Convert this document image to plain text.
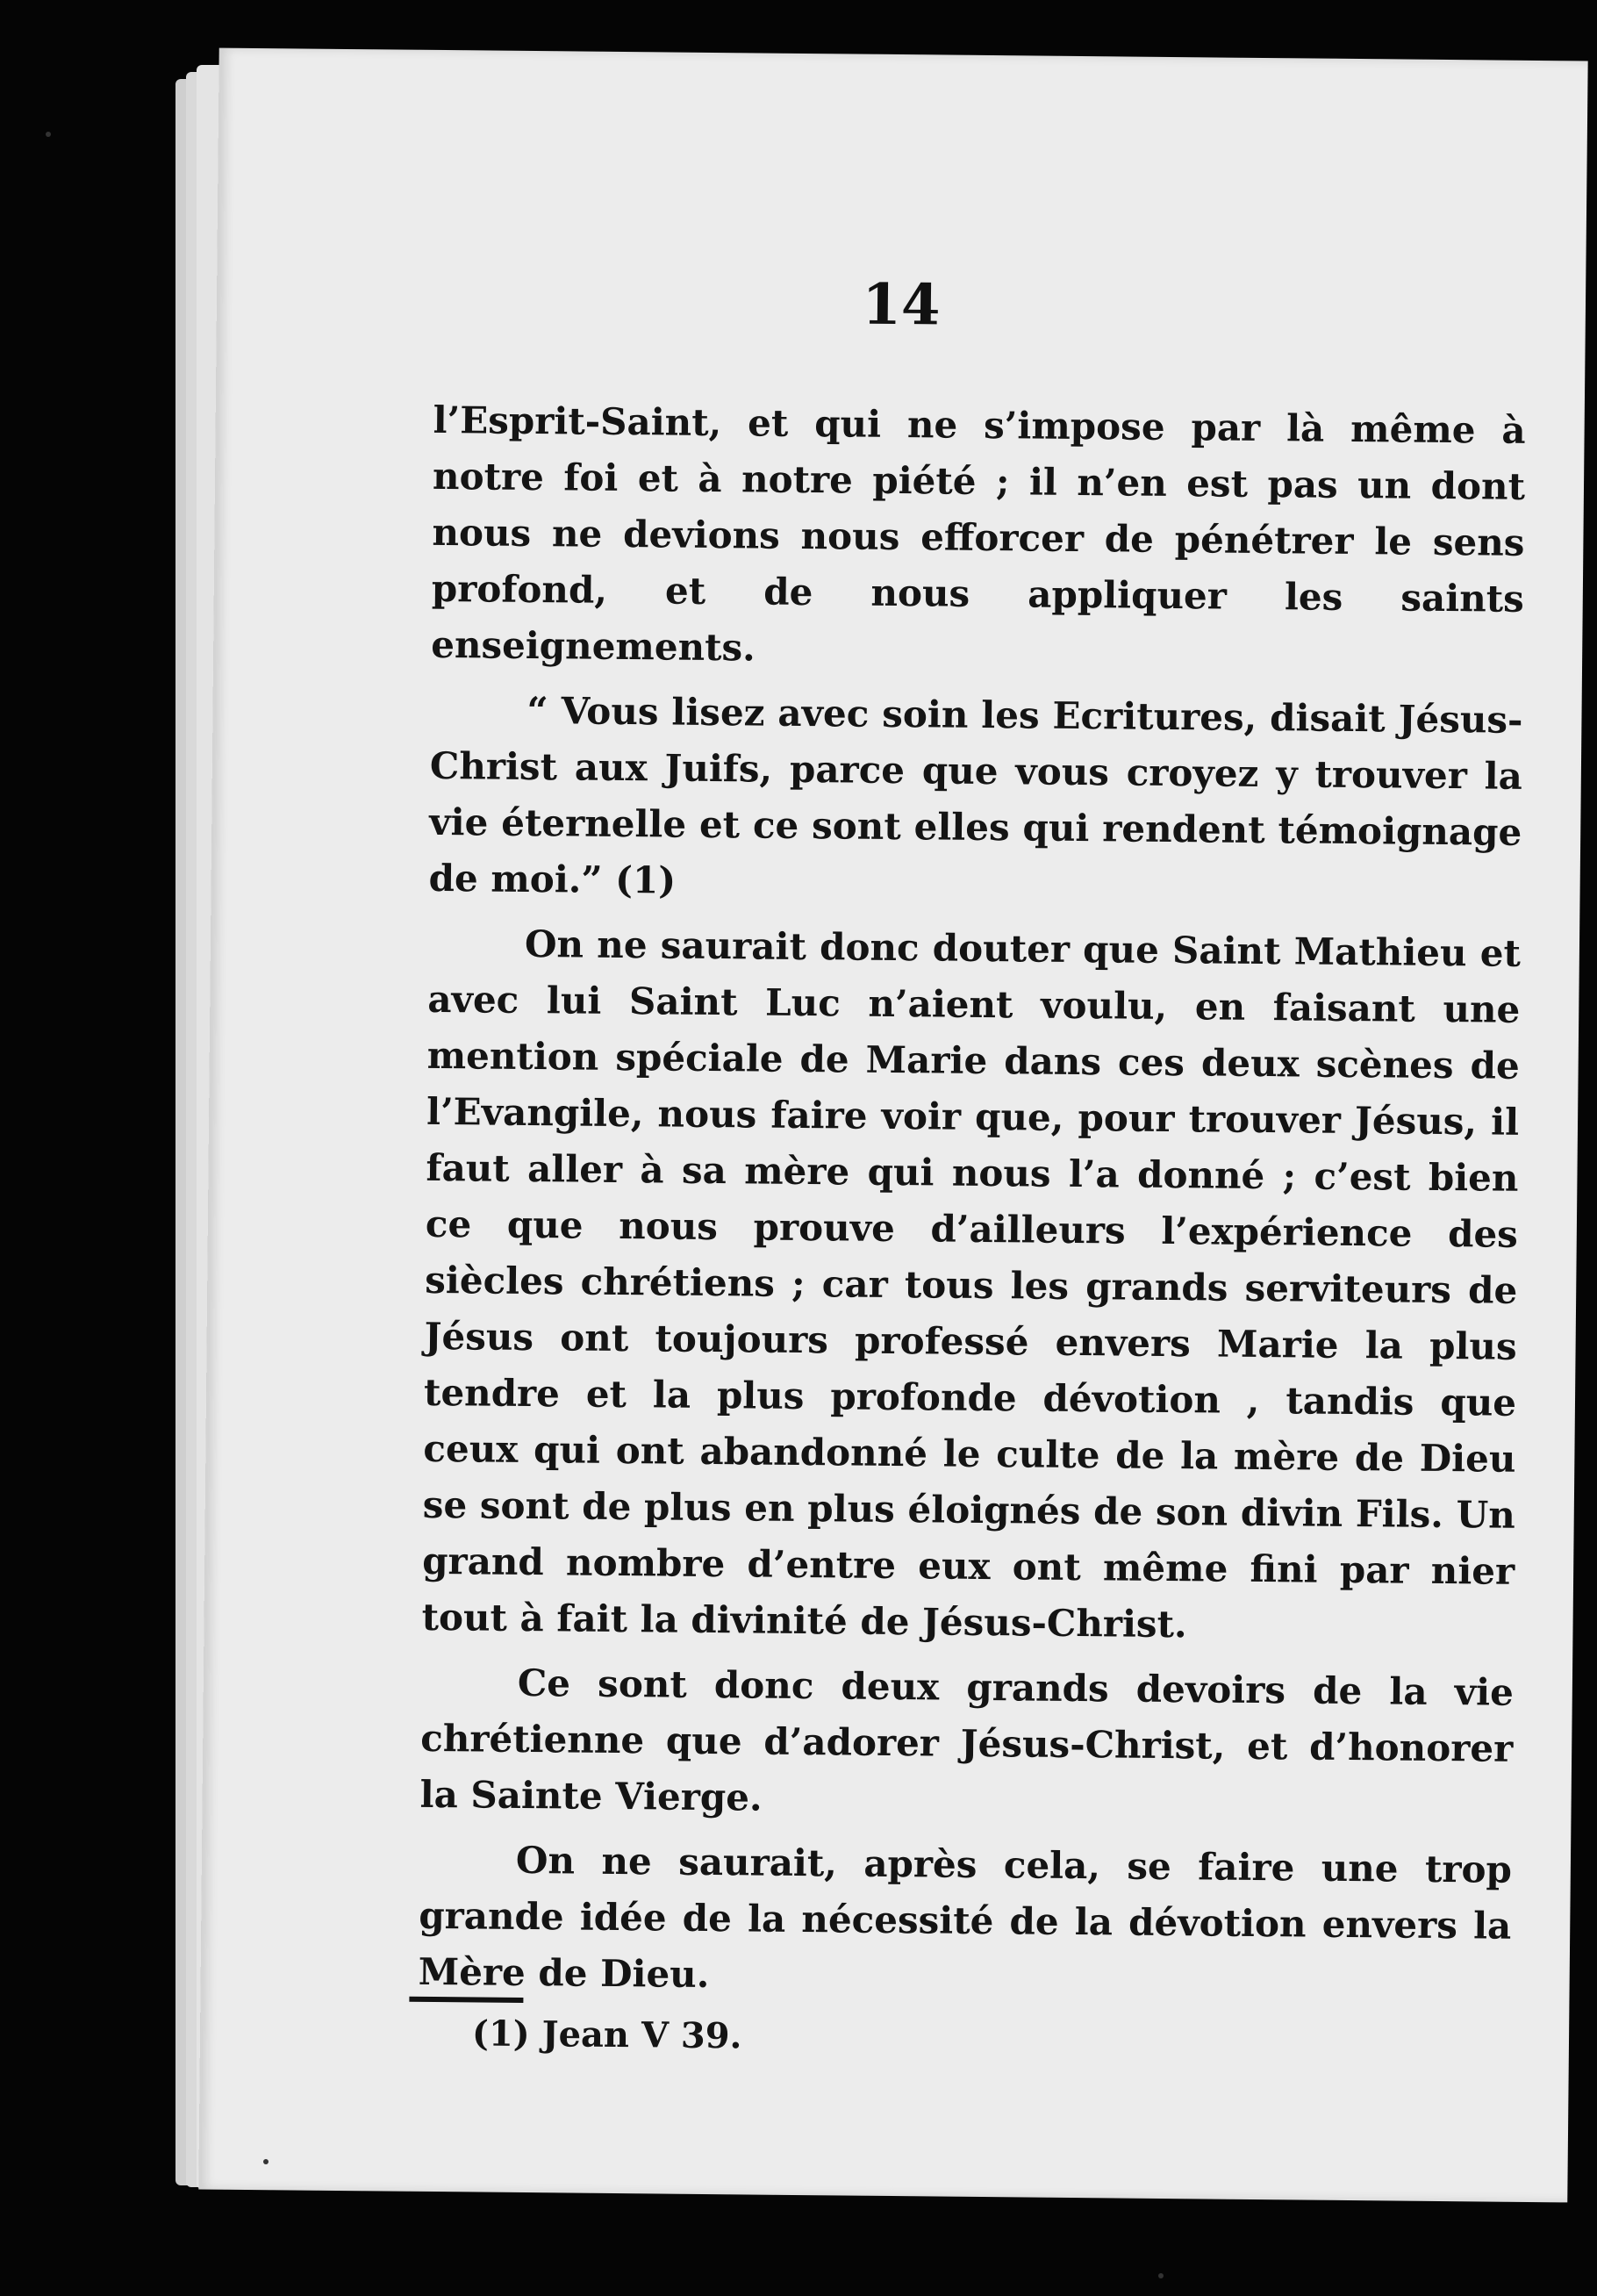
14

l’Esprit-Saint, et qui ne s’impose par là même à notre foi et à notre piété ; il n’en est pas un dont nous ne devions nous efforcer de pénétrer le sens profond, et de nous appliquer les saints enseignements.

“ Vous lisez avec soin les Ecritures, disait Jésus-Christ aux Juifs, parce que vous croyez y trouver la vie éternelle et ce sont elles qui rendent témoignage de moi.” (1)

On ne saurait donc douter que Saint Mathieu et avec lui Saint Luc n’aient voulu, en faisant une mention spéciale de Marie dans ces deux scènes de l’Evangile, nous faire voir que, pour trouver Jésus, il faut aller à sa mère qui nous l’a donné ; c’est bien ce que nous prouve d’ailleurs l’expérience des siècles chrétiens ; car tous les grands serviteurs de Jésus ont toujours professé envers Marie la plus tendre et la plus profonde dévotion , tandis que ceux qui ont abandonné le culte de la mère de Dieu se sont de plus en plus éloignés de son divin Fils. Un grand nombre d’entre eux ont même fini par nier tout à fait la divinité de Jésus-Christ.

Ce sont donc deux grands devoirs de la vie chrétienne que d’adorer Jésus-Christ, et d’honorer la Sainte Vierge.

On ne saurait, après cela, se faire une trop grande idée de la nécessité de la dévotion envers la Mère de Dieu.

(1) Jean V 39.
